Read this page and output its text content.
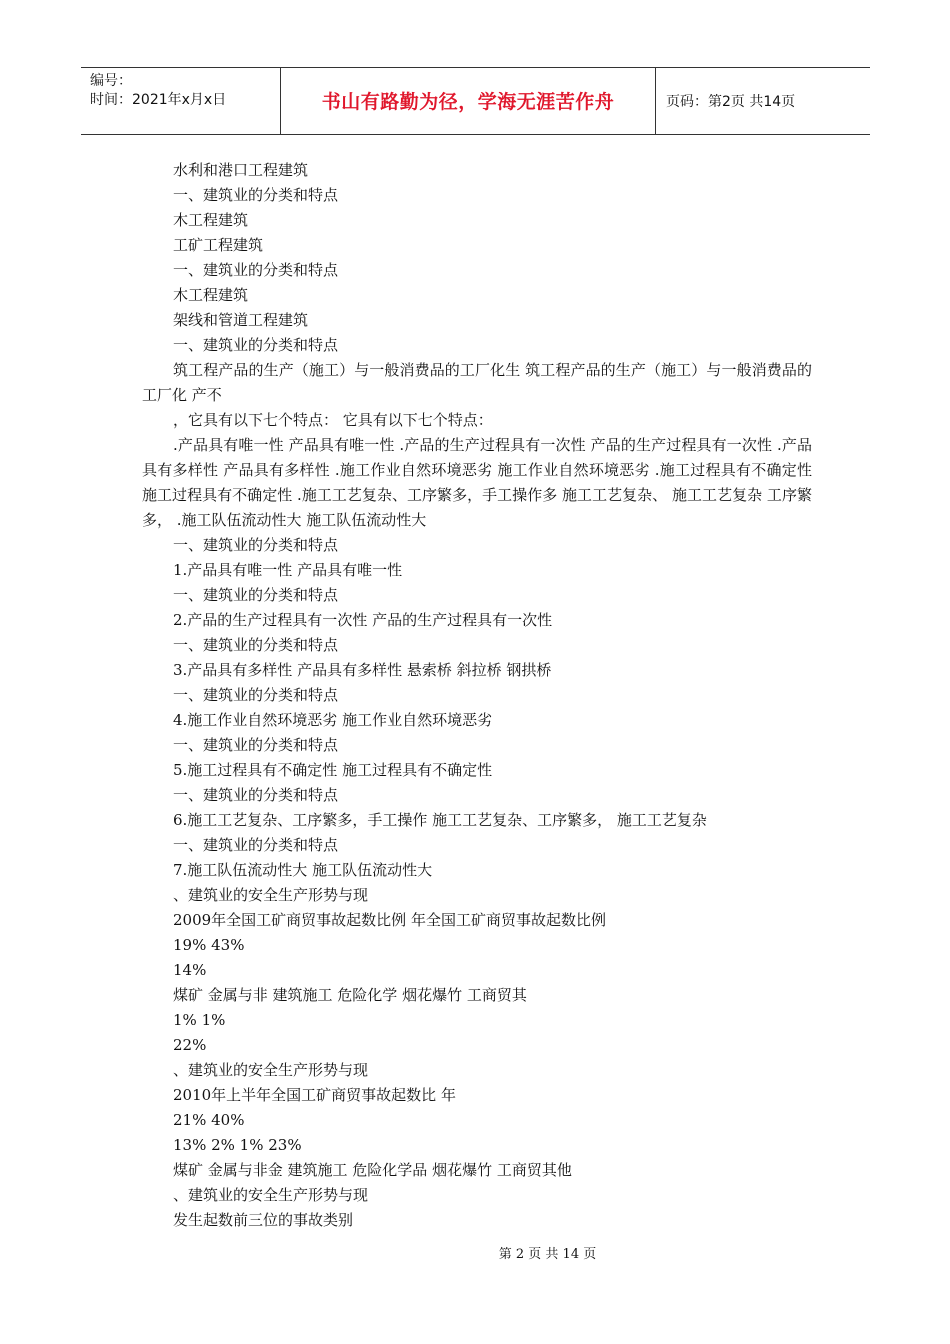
编号：
时间：2021年x月x日	书山有路勤为径，学海无涯苦作舟	页码：第2页 共14页

水利和港口工程建筑

一、建筑业的分类和特点

木工程建筑

工矿工程建筑

一、建筑业的分类和特点

木工程建筑

架线和管道工程建筑

一、建筑业的分类和特点

筑工程产品的生产（施工）与一般消费品的工厂化生 筑工程产品的生产（施工）与一般消费品的工厂化 产不

，它具有以下七个特点： 它具有以下七个特点：

.产品具有唯一性 产品具有唯一性 .产品的生产过程具有一次性 产品的生产过程具有一次性 .产品具有多样性 产品具有多样性 .施工作业自然环境恶劣 施工作业自然环境恶劣 .施工过程具有不确定性 施工过程具有不确定性 .施工工艺复杂、工序繁多，手工操作多 施工工艺复杂、 施工工艺复杂 工序繁多， .施工队伍流动性大 施工队伍流动性大

一、建筑业的分类和特点

1.产品具有唯一性 产品具有唯一性

一、建筑业的分类和特点

2.产品的生产过程具有一次性 产品的生产过程具有一次性

一、建筑业的分类和特点

3.产品具有多样性 产品具有多样性 悬索桥 斜拉桥 钢拱桥

一、建筑业的分类和特点

4.施工作业自然环境恶劣 施工作业自然环境恶劣

一、建筑业的分类和特点

5.施工过程具有不确定性 施工过程具有不确定性

一、建筑业的分类和特点

6.施工工艺复杂、工序繁多，手工操作 施工工艺复杂、工序繁多， 施工工艺复杂

一、建筑业的分类和特点

7.施工队伍流动性大 施工队伍流动性大

、建筑业的安全生产形势与现

2009年全国工矿商贸事故起数比例 年全国工矿商贸事故起数比例

19% 43%

14%

煤矿 金属与非 建筑施工 危险化学 烟花爆竹 工商贸其

1% 1%

22%

、建筑业的安全生产形势与现

2010年上半年全国工矿商贸事故起数比 年

21% 40%

13% 2% 1% 23%

煤矿 金属与非金 建筑施工 危险化学品 烟花爆竹 工商贸其他

、建筑业的安全生产形势与现

发生起数前三位的事故类别

第 2 页 共 14 页
